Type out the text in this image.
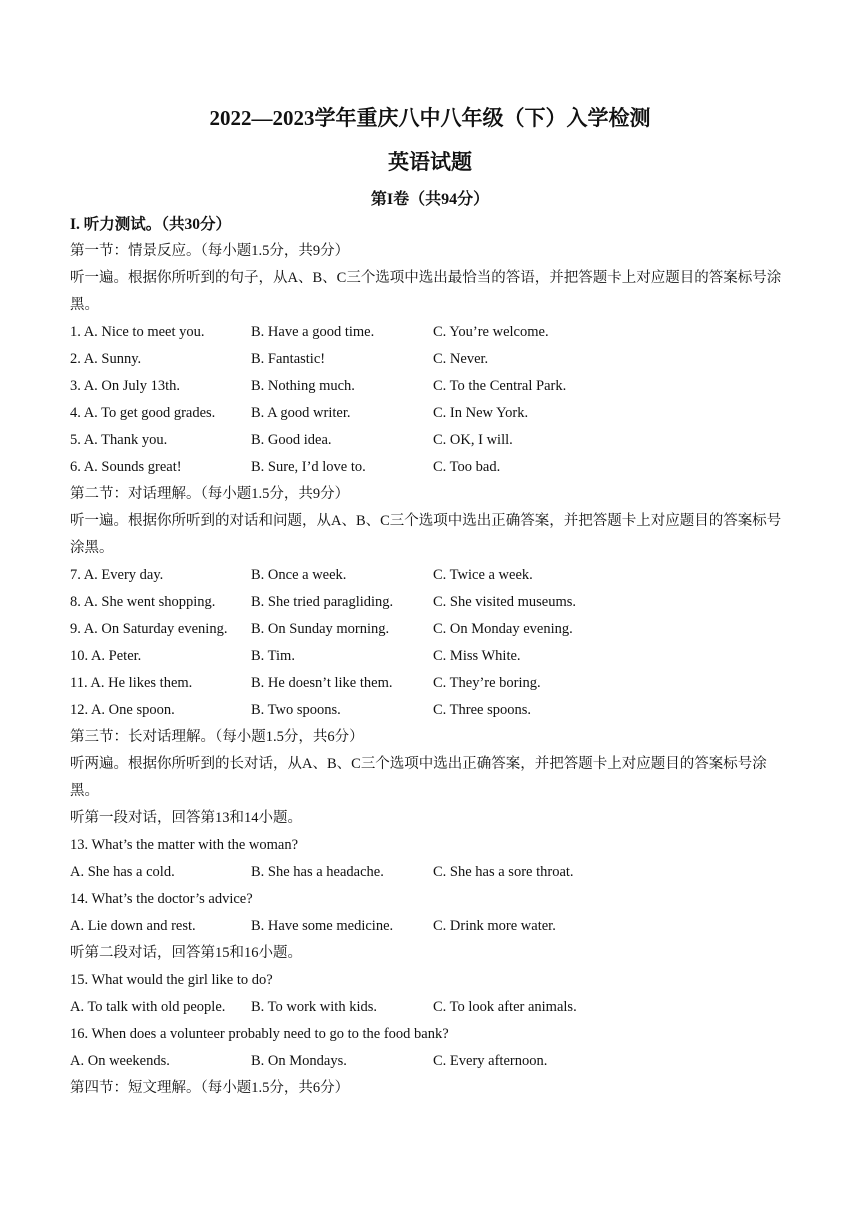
2022—2023学年重庆八中八年级（下）入学检测
英语试题
第I卷（共94分）
I. 听力测试。（共30分）
第一节：情景反应。（每小题1.5分，共9分）
听一遍。根据你所听到的句子，从A、B、C三个选项中选出最恰当的答语，并把答题卡上对应题目的答案标号涂黑。
1. A. Nice to meet you.	B. Have a good time.	C. You’re welcome.
2. A. Sunny.	B. Fantastic!	C. Never.
3. A. On July 13th.	B. Nothing much.	C. To the Central Park.
4. A. To get good grades. B. A good writer.	C. In New York.
5. A. Thank you.	B. Good idea.	C. OK, I will.
6. A. Sounds great!	B. Sure, I’d love to.	C. Too bad.
第二节：对话理解。（每小题1.5分，共9分）
听一遍。根据你所听到的对话和问题，从A、B、C三个选项中选出正确答案，并把答题卡上对应题目的答案标号涂黑。
7. A. Every day.	B. Once a week.	C. Twice a week.
8. A. She went shopping. B. She tried paragliding.	C. She visited museums.
9. A. On Saturday evening. B. On Sunday morning.	C. On Monday evening.
10. A. Peter.	B. Tim.	C. Miss White.
11. A. He likes them.	B. He doesn’t like them.	C. They’re boring.
12. A. One spoon.	B. Two spoons.	C. Three spoons.
第三节：长对话理解。（每小题1.5分，共6分）
听两遍。根据你所听到的长对话，从A、B、C三个选项中选出正确答案，并把答题卡上对应题目的答案标号涂黑。
听第一段对话，回答第13和14小题。
13. What’s the matter with the woman?
A. She has a cold.	B. She has a headache.	C. She has a sore throat.
14. What’s the doctor’s advice?
A. Lie down and rest.	B. Have some medicine.	C. Drink more water.
听第二段对话，回答第15和16小题。
15. What would the girl like to do?
A. To talk with old people. B. To work with kids.	C. To look after animals.
16. When does a volunteer probably need to go to the food bank?
A. On weekends.	B. On Mondays.	C. Every afternoon.
第四节：短文理解。（每小题1.5分，共6分）
